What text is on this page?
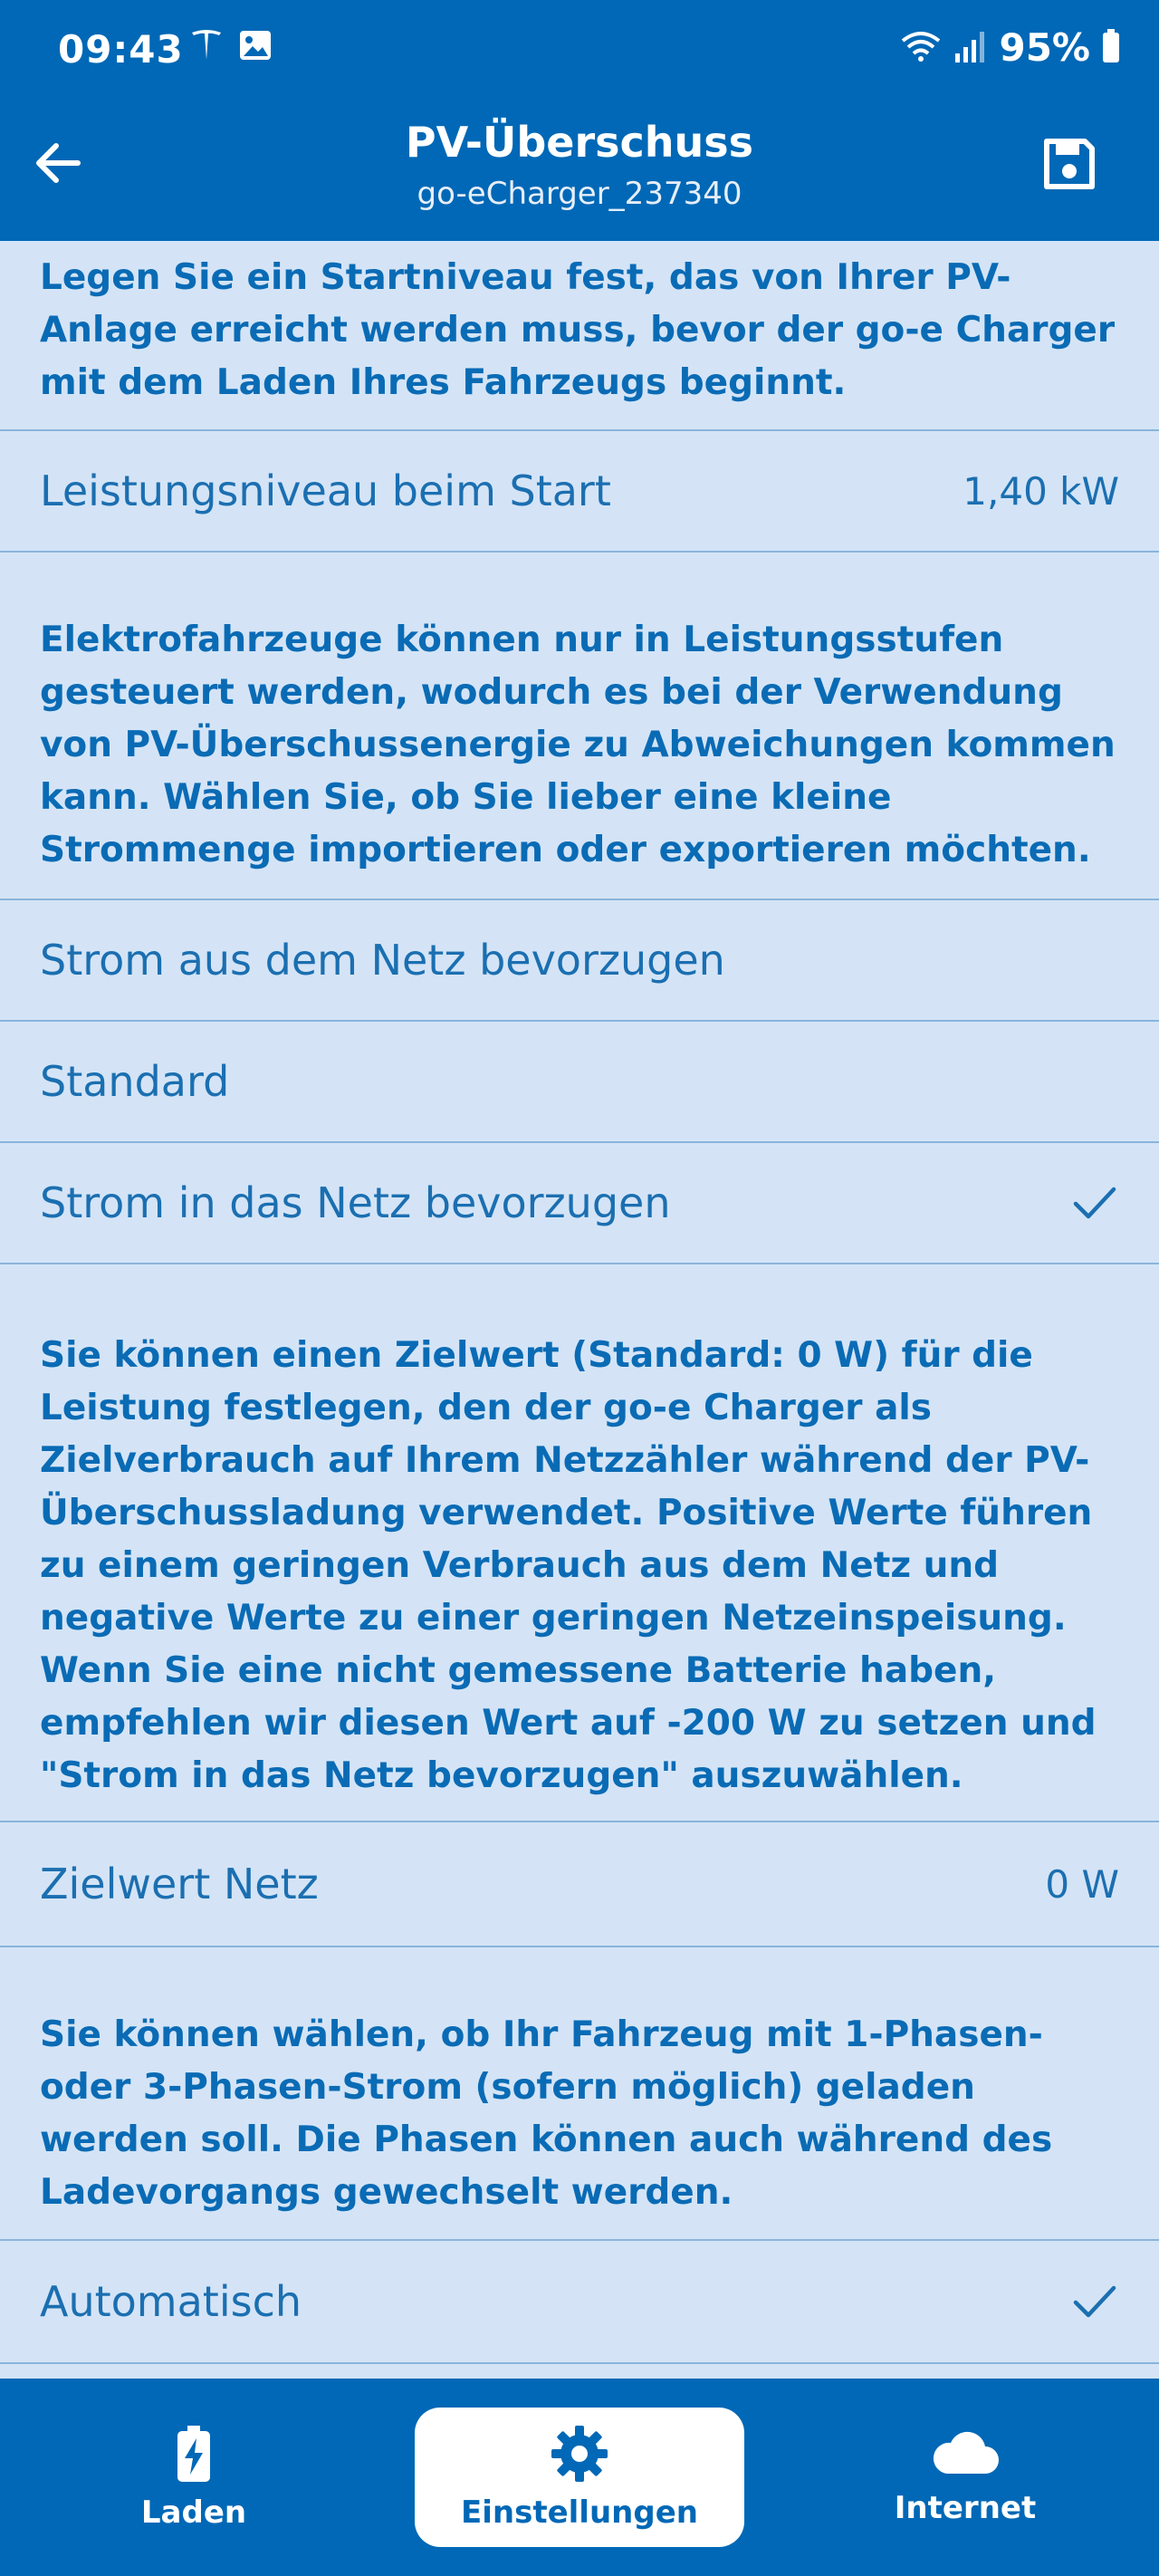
09:43	95%
PV-Überschuss
go-eCharger_237340
Legen Sie ein Startniveau fest, das von Ihrer PV-Anlage erreicht werden muss, bevor der go-e Charger mit dem Laden Ihres Fahrzeugs beginnt.
Leistungsniveau beim Start	1,40 kW
Elektrofahrzeuge können nur in Leistungsstufen gesteuert werden, wodurch es bei der Verwendung von PV-Überschussenergie zu Abweichungen kommen kann. Wählen Sie, ob Sie lieber eine kleine Strommenge importieren oder exportieren möchten.
Strom aus dem Netz bevorzugen
Standard
Strom in das Netz bevorzugen
Sie können einen Zielwert (Standard: 0 W) für die Leistung festlegen, den der go-e Charger als Zielverbrauch auf Ihrem Netzzähler während der PV-Überschussladung verwendet. Positive Werte führen zu einem geringen Verbrauch aus dem Netz und negative Werte zu einer geringen Netzeinspeisung. Wenn Sie eine nicht gemessene Batterie haben, empfehlen wir diesen Wert auf -200 W zu setzen und "Strom in das Netz bevorzugen" auszuwählen.
Zielwert Netz	0 W
Sie können wählen, ob Ihr Fahrzeug mit 1-Phasen- oder 3-Phasen-Strom (sofern möglich) geladen werden soll. Die Phasen können auch während des Ladevorgangs gewechselt werden.
Automatisch
Laden	Einstellungen	Internet
